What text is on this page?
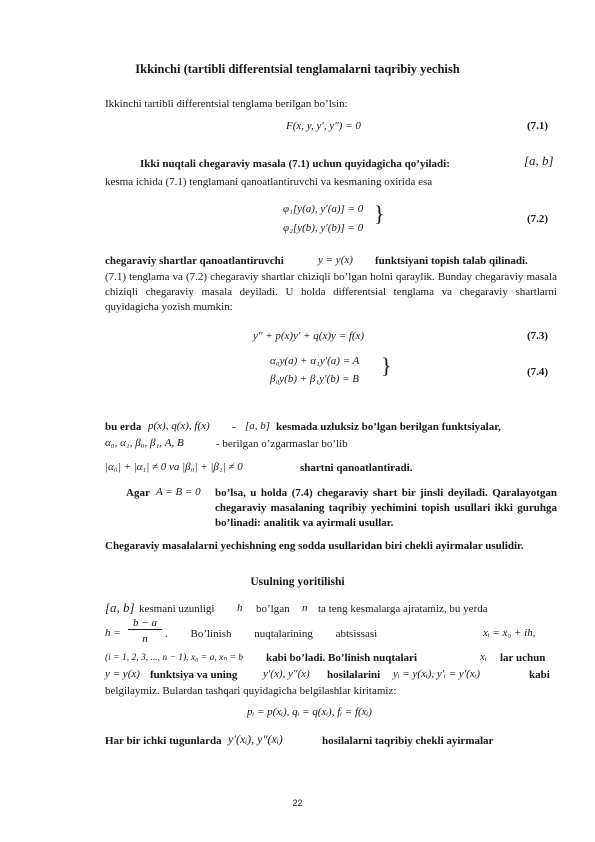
Ikkinchi (tartibli differentsial tenglamalarni taqribiy yechish
Ikkinchi tartibli differentsial tenglama berilgan bo’lsin:
F(x, y, y′, y″) = 0	(7.1)
Ikki nuqtali chegaraviy masala (7.1) uchun quyidagicha qo’yiladi:	[a, b]
kesma ichida (7.1) tenglamani qanoatlantiruvchi va kesmaning oxirida esa
φ₁[y(a), y′(a)] = 0
φ₂[y(b), y′(b)] = 0
}	(7.2)
chegaraviy shartlar qanoatlantiruvchi	y = y(x) funktsiyani topish talab qilinadi.
(7.1) tenglama va (7.2) chegaraviy shartlar chiziqli bo’lgan holni qaraylik. Bunday chegaraviy masala chiziqli chegaraviy masala deyiladi. U holda differentsial tenglama va chegaraviy shartlarni quyidagicha yozish mumkin:
y″ + p(x)y′ + q(x)y = f(x)	(7.3)
α₀y(a) + α₁y′(a) = A
β₀y(b) + β₁y′(b) = B
}	(7.4)
bu erda p(x), q(x), f(x) - [a, b] kesmada uzluksiz bo’lgan berilgan funktsiyalar,
α₀, α₁, β₀, β₁, A, B	- berilgan o’zgarmaslar bo’lib
|α₀| + |α₁| ≠ 0 va |β₀| + |β₁| ≠ 0	shartni qanoatlantiradi.
Agar A = B = 0 bo’lsa, u holda (7.4) chegaraviy shart bir jinsli deyiladi. Qaralayotgan chegaraviy masalaning taqribiy yechimini topish usullari ikki guruhga bo’linadi: analitik va ayirmali usullar.
Chegaraviy masalalarni yechishning eng sodda usullaridan biri chekli ayirmalar usulidir.
Usulning yoritilishi
[a, b] kesmani uzunligi h bo’lgan n ta teng kesmalarga ajratamiz, bu yerda
h =
b − a
n	. Bo’linish nuqtalarining abtsissasi	xᵢ = x₀ + ih,
(i = 1, 2, 3, ..., n − 1), x₀ = a, xₙ = b kabi bo’ladi. Bo’linish nuqtalari	xᵢ lar uchun
y = y(x) funktsiya va uning y′(x), y″(x) hosilalarini yᵢ = y(xᵢ), y′ᵢ = y′(xᵢ)	kabi
belgilaymiz. Bulardan tashqari quyidagicha belgilashlar kiritamiz:
pᵢ = p(xᵢ), qᵢ = q(xᵢ), fᵢ = f(xᵢ)
Har bir ichki tugunlarda y′(xᵢ), y″(xᵢ)	hosilalarni taqribiy chekli ayirmalar
22
